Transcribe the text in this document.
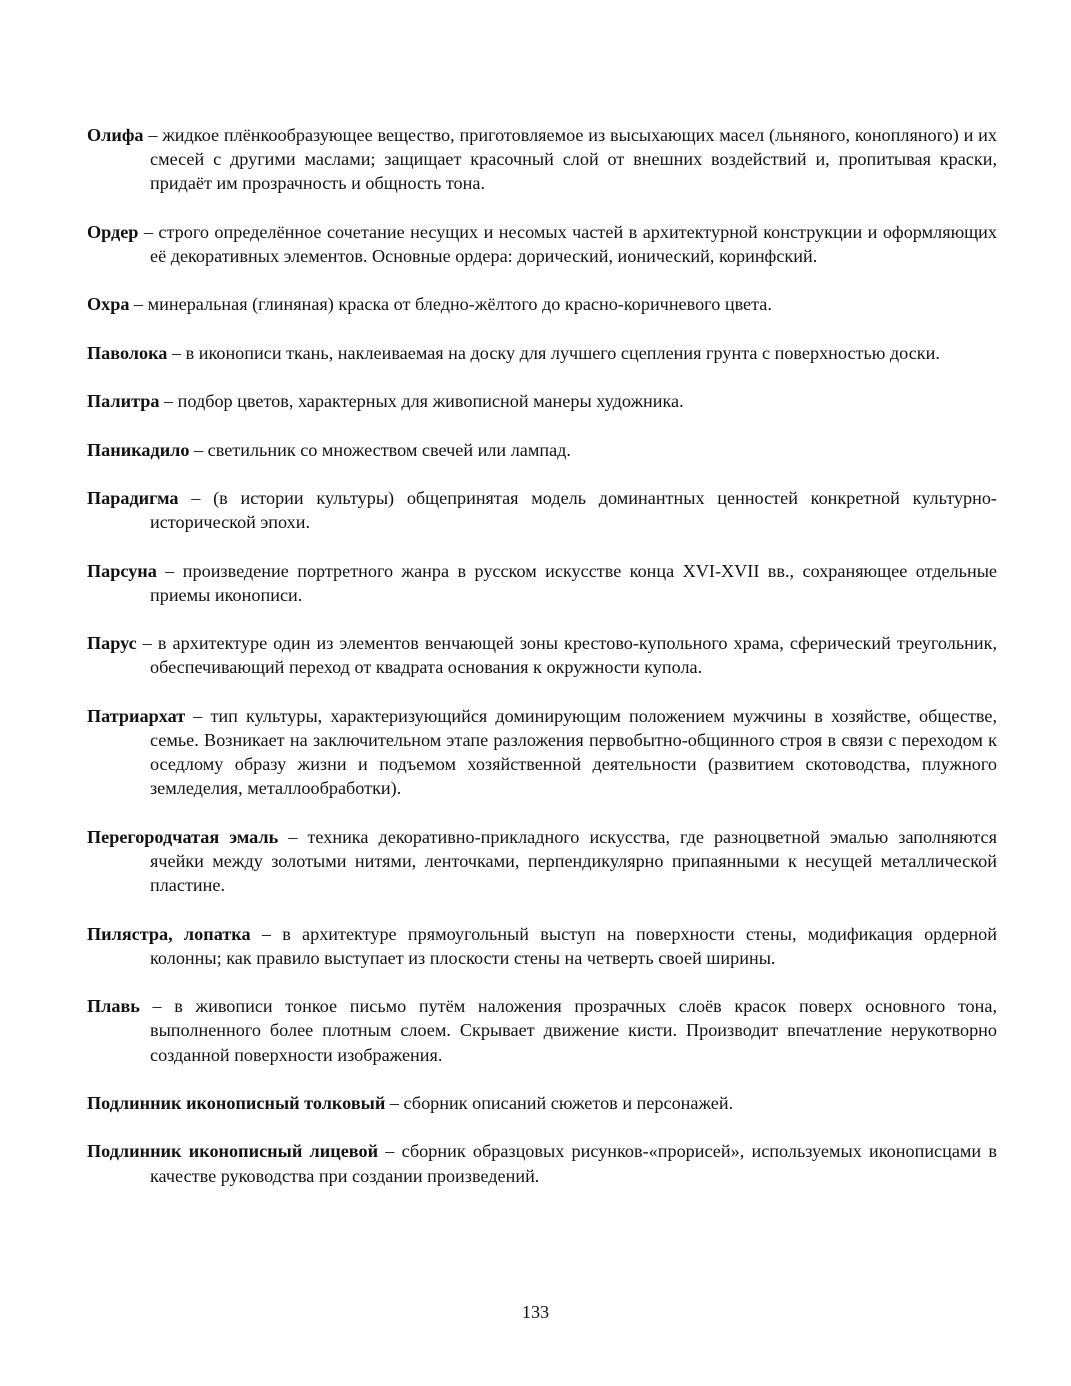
Олифа – жидкое плёнкообразующее вещество, приготовляемое из высыхающих масел (льняного, конопляного) и их смесей с другими маслами; защищает красочный слой от внешних воздействий и, пропитывая краски, придаёт им прозрачность и общность тона.

Ордер – строго определённое сочетание несущих и несомых частей в архитектурной конструкции и оформляющих её декоративных элементов. Основные ордера: дорический, ионический, коринфский.

Охра – минеральная (глиняная) краска от бледно-жёлтого до красно-коричневого цвета.

Паволока – в иконописи ткань, наклеиваемая на доску для лучшего сцепления грунта с поверхностью доски.

Палитра – подбор цветов, характерных для живописной манеры художника.

Паникадило – светильник со множеством свечей или лампад.

Парадигма – (в истории культуры) общепринятая модель доминантных ценностей конкретной культурно-исторической эпохи.

Парсуна – произведение портретного жанра в русском искусстве конца XVI-XVII вв., сохраняющее отдельные приемы иконописи.

Парус – в архитектуре один из элементов венчающей зоны крестово-купольного храма, сферический треугольник, обеспечивающий переход от квадрата основания к окружности купола.

Патриархат – тип культуры, характеризующийся доминирующим положением мужчины в хозяйстве, обществе, семье. Возникает на заключительном этапе разложения первобытно-общинного строя в связи с переходом к оседлому образу жизни и подъемом хозяйственной деятельности (развитием скотоводства, плужного земледелия, металлообработки).

Перегородчатая эмаль – техника декоративно-прикладного искусства, где разноцветной эмалью заполняются ячейки между золотыми нитями, ленточками, перпендикулярно припаянными к несущей металлической пластине.

Пилястра, лопатка – в архитектуре прямоугольный выступ на поверхности стены, модификация ордерной колонны; как правило выступает из плоскости стены на четверть своей ширины.

Плавь – в живописи тонкое письмо путём наложения прозрачных слоёв красок поверх основного тона, выполненного более плотным слоем. Скрывает движение кисти. Производит впечатление нерукотворно созданной поверхности изображения.

Подлинник иконописный толковый – сборник описаний сюжетов и персонажей.

Подлинник иконописный лицевой – сборник образцовых рисунков-«прорисей», используемых иконописцами в качестве руководства при создании произведений.

133
